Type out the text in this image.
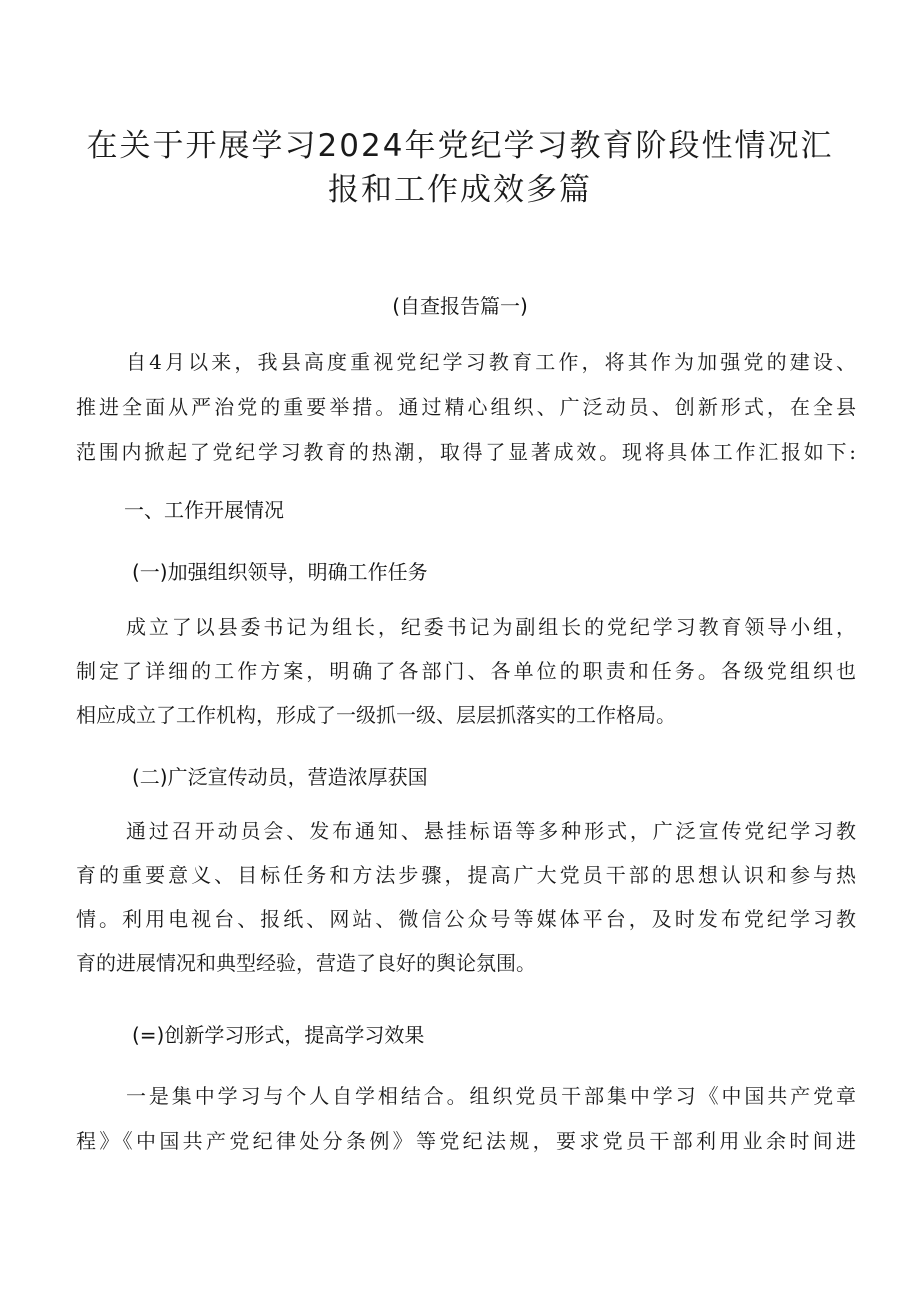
在关于开展学习2024年党纪学习教育阶段性情况汇
报和工作成效多篇
(自查报告篇一)
自4月以来，我县高度重视党纪学习教育工作，将其作为加强党的建设、
推进全面从严治党的重要举措。通过精心组织、广泛动员、创新形式，在全县
范围内掀起了党纪学习教育的热潮，取得了显著成效。现将具体工作汇报如下:
一、工作开展情况
(一)加强组织领导，明确工作任务
成立了以县委书记为组长，纪委书记为副组长的党纪学习教育领导小组，
制定了详细的工作方案，明确了各部门、各单位的职责和任务。各级党组织也
相应成立了工作机构，形成了一级抓一级、层层抓落实的工作格局。
(二)广泛宣传动员，营造浓厚获国
通过召开动员会、发布通知、悬挂标语等多种形式，广泛宣传党纪学习教
育的重要意义、目标任务和方法步骤，提高广大党员干部的思想认识和参与热
情。利用电视台、报纸、网站、微信公众号等媒体平台，及时发布党纪学习教
育的进展情况和典型经验，营造了良好的舆论氛围。
(=)创新学习形式，提高学习效果
一是集中学习与个人自学相结合。组织党员干部集中学习《中国共产党章
程》《中国共产党纪律处分条例》等党纪法规，要求党员干部利用业余时间进
